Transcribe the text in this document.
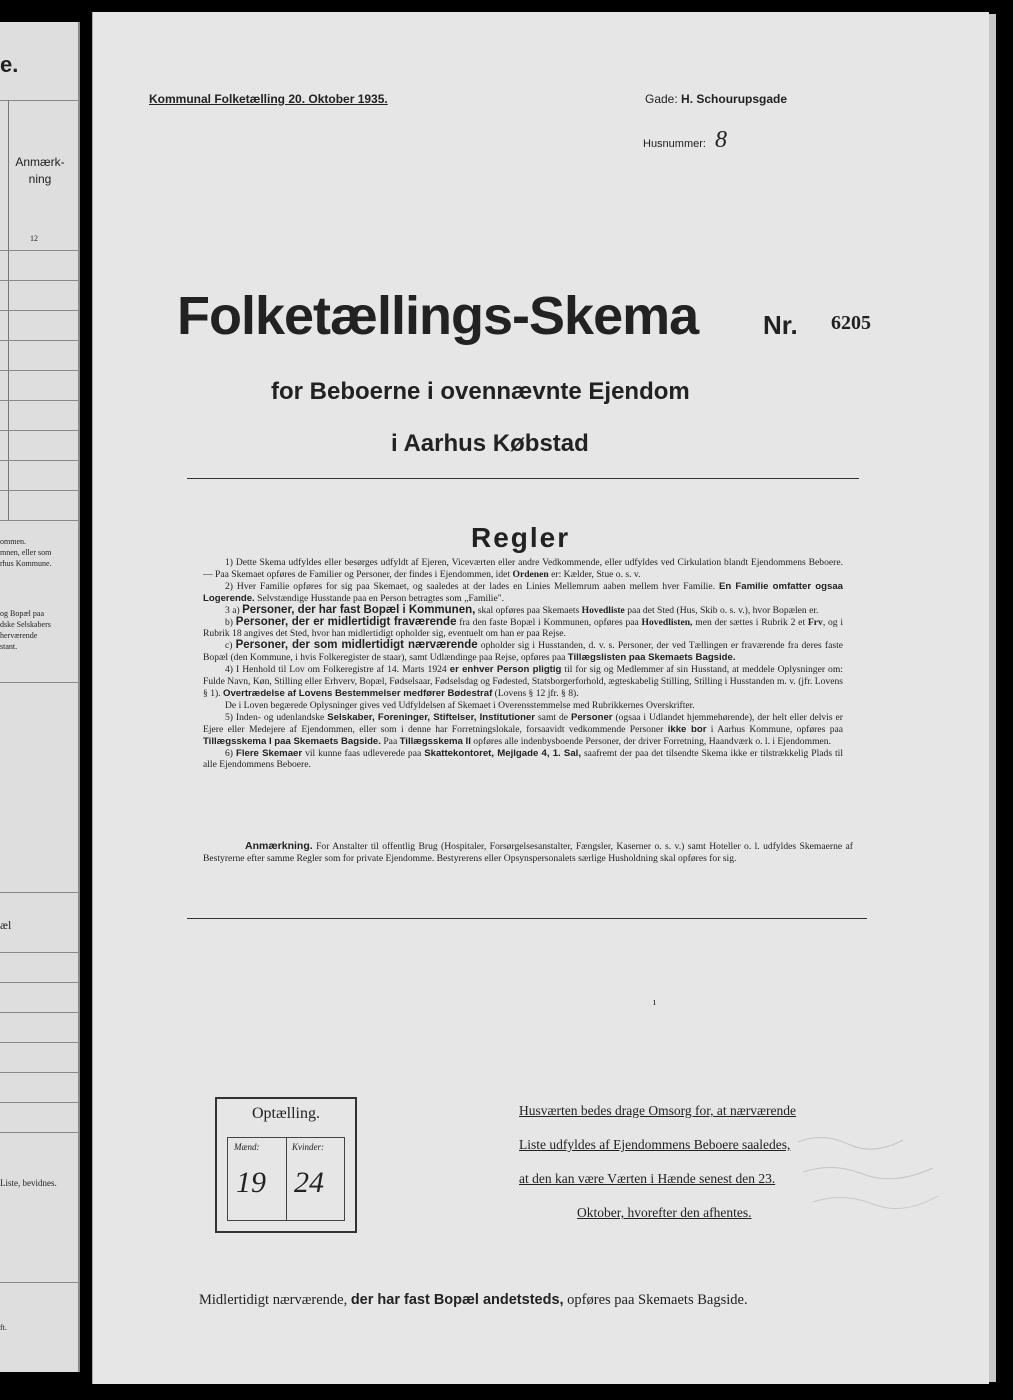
e.
Anmærk-ning
12
ommen.
mnen, eller som
rhus Kommune.
og Bopæl paa
dske Selskabers
herværende
stant.
æl
Liste, bevidnes.
ft.
Kommunal Folketælling 20. Oktober 1935.	Gade: H. Schourupsgade
Husnummer: 8
Folketællings-Skema Nr. 6205
for Beboerne i ovennævnte Ejendom
i Aarhus Købstad
Regler

1) Dette Skema udfyldes eller besørges udfyldt af Ejeren, Viceværten eller andre Vedkommende, eller udfyldes ved Cirkulation blandt Ejendommens Beboere. — Paa Skemaet opføres de Familier og Personer, der findes i Ejendommen, idet Ordenen er: Kælder, Stue o. s. v.

2) Hver Familie opføres for sig paa Skemaet, og saaledes at der lades en Linies Mellemrum aaben mellem hver Familie. En Familie omfatter ogsaa Logerende. Selvstændige Husstande paa en Person betragtes som „Familie".

3 a) Personer, der har fast Bopæl i Kommunen, skal opføres paa Skemaets Hovedliste paa det Sted (Hus, Skib o. s. v.), hvor Bopælen er.

b) Personer, der er midlertidigt fraværende fra den faste Bopæl i Kommunen, opføres paa Hovedlisten, men der sættes i Rubrik 2 et Frv, og i Rubrik 18 angives det Sted, hvor han midlertidigt opholder sig, eventuelt om han er paa Rejse.

c) Personer, der som midlertidigt nærværende opholder sig i Husstanden, d. v. s. Personer, der ved Tællingen er fraværende fra deres faste Bopæl (den Kommune, i hvis Folkeregister de staar), samt Udlændinge paa Rejse, opføres paa Tillægslisten paa Skemaets Bagside.

4) I Henhold til Lov om Folkeregistre af 14. Marts 1924 er enhver Person pligtig til for sig og Medlemmer af sin Husstand, at meddele Oplysninger om: Fulde Navn, Køn, Stilling eller Erhverv, Bopæl, Fødselsaar, Fødselsdag og Fødested, Statsborgerforhold, ægteskabelig Stilling, Stilling i Husstanden m. v. (jfr. Lovens § 1). Overtrædelse af Lovens Bestemmelser medfører Bødestraf (Lovens § 12 jfr. § 8).

De i Loven begærede Oplysninger gives ved Udfyldelsen af Skemaet i Overensstemmelse med Rubrikkernes Overskrifter.

5) Inden- og udenlandske Selskaber, Foreninger, Stiftelser, Institutioner samt de Personer (ogsaa i Udlandet hjemmehørende), der helt eller delvis er Ejere eller Medejere af Ejendommen, eller som i denne har Forretningslokale, forsaavidt vedkommende Personer ikke bor i Aarhus Kommune, opføres paa Tillægsskema I paa Skemaets Bagside. Paa Tillægsskema II opføres alle indenbysboende Personer, der driver Forretning, Haandværk o. l. i Ejendommen.

6) Flere Skemaer vil kunne faas udleverede paa Skattekontoret, Mejlgade 4, 1. Sal, saafremt der paa det tilsendte Skema ikke er tilstrækkelig Plads til alle Ejendommens Beboere.

Anmærkning. For Anstalter til offentlig Brug (Hospitaler, Forsørgelsesanstalter, Fængsler, Kaserner o. s. v.) samt Hoteller o. l. udfyldes Skemaerne af Bestyrerne efter samme Regler som for private Ejendomme. Bestyrerens eller Opsynspersonalets særlige Husholdning skal opføres for sig.

ı
Optælling.
Mænd:	Kvinder:
19 24
Husværten bedes drage Omsorg for, at nærværende
Liste udfyldes af Ejendommens Beboere saaledes,
at den kan være Værten i Hænde senest den 23.
Oktober, hvorefter den afhentes.
Midlertidigt nærværende, der har fast Bopæl andetsteds, opføres paa Skemaets Bagside.
